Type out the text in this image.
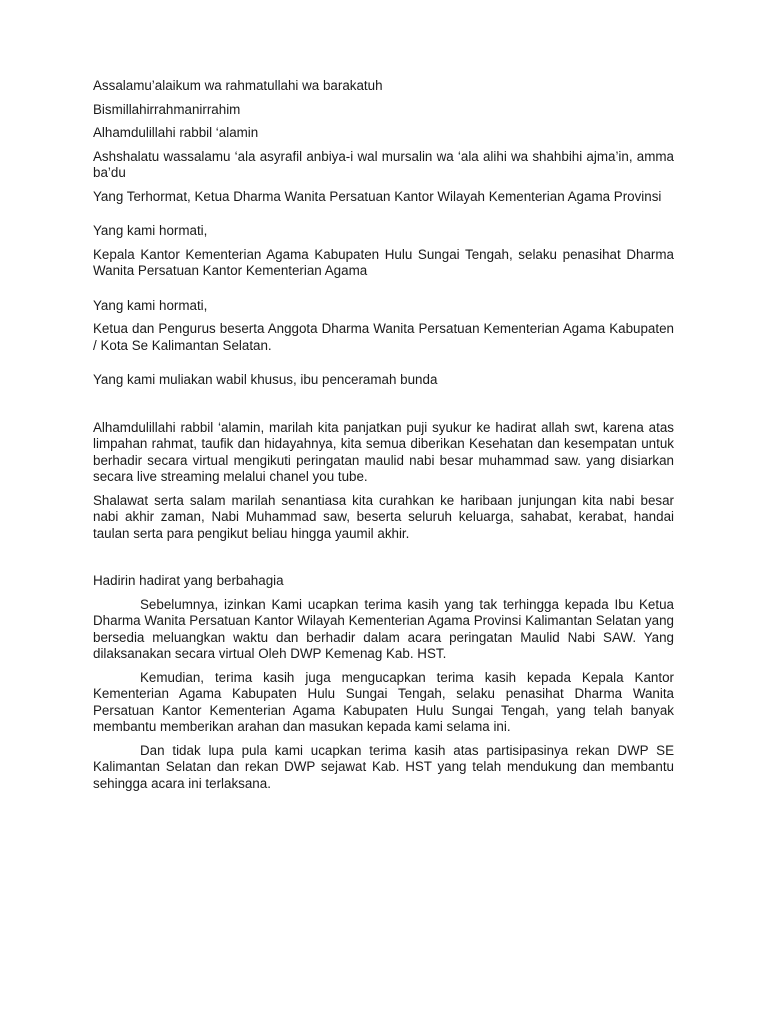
Assalamu’alaikum wa rahmatullahi wa barakatuh

Bismillahirrahmanirrahim

Alhamdulillahi rabbil ‘alamin

Ashshalatu wassalamu ‘ala asyrafil anbiya-i wal mursalin wa ‘ala alihi wa shahbihi ajma’in, amma ba’du

Yang Terhormat, Ketua Dharma Wanita Persatuan Kantor Wilayah Kementerian Agama Provinsi

Yang kami hormati,

Kepala Kantor Kementerian Agama Kabupaten Hulu Sungai Tengah, selaku penasihat Dharma Wanita Persatuan Kantor Kementerian Agama

Yang kami hormati,

Ketua dan Pengurus beserta Anggota Dharma Wanita Persatuan Kementerian Agama Kabupaten / Kota Se Kalimantan Selatan.

Yang kami muliakan wabil khusus, ibu penceramah bunda

Alhamdulillahi rabbil ‘alamin, marilah kita panjatkan puji syukur ke hadirat allah swt, karena atas limpahan rahmat, taufik dan hidayahnya, kita semua diberikan Kesehatan dan kesempatan untuk berhadir secara virtual mengikuti peringatan maulid nabi besar muhammad saw. yang disiarkan secara live streaming melalui chanel you tube.

Shalawat serta salam marilah senantiasa kita curahkan ke haribaan junjungan kita nabi besar nabi akhir zaman, Nabi Muhammad saw, beserta seluruh keluarga, sahabat, kerabat, handai taulan serta para pengikut beliau hingga yaumil akhir.

Hadirin hadirat yang berbahagia

Sebelumnya, izinkan Kami ucapkan terima kasih yang tak terhingga kepada Ibu Ketua Dharma Wanita Persatuan Kantor Wilayah Kementerian Agama Provinsi Kalimantan Selatan yang bersedia meluangkan waktu dan berhadir dalam acara peringatan Maulid Nabi SAW. Yang dilaksanakan secara virtual Oleh DWP Kemenag Kab. HST.

Kemudian, terima kasih juga mengucapkan terima kasih kepada Kepala Kantor Kementerian Agama Kabupaten Hulu Sungai Tengah, selaku penasihat Dharma Wanita Persatuan Kantor Kementerian Agama Kabupaten Hulu Sungai Tengah, yang telah banyak membantu memberikan arahan dan masukan kepada kami selama ini.

Dan tidak lupa pula kami ucapkan terima kasih atas partisipasinya rekan DWP SE Kalimantan Selatan dan rekan DWP sejawat Kab. HST yang telah mendukung dan membantu sehingga acara ini terlaksana.
